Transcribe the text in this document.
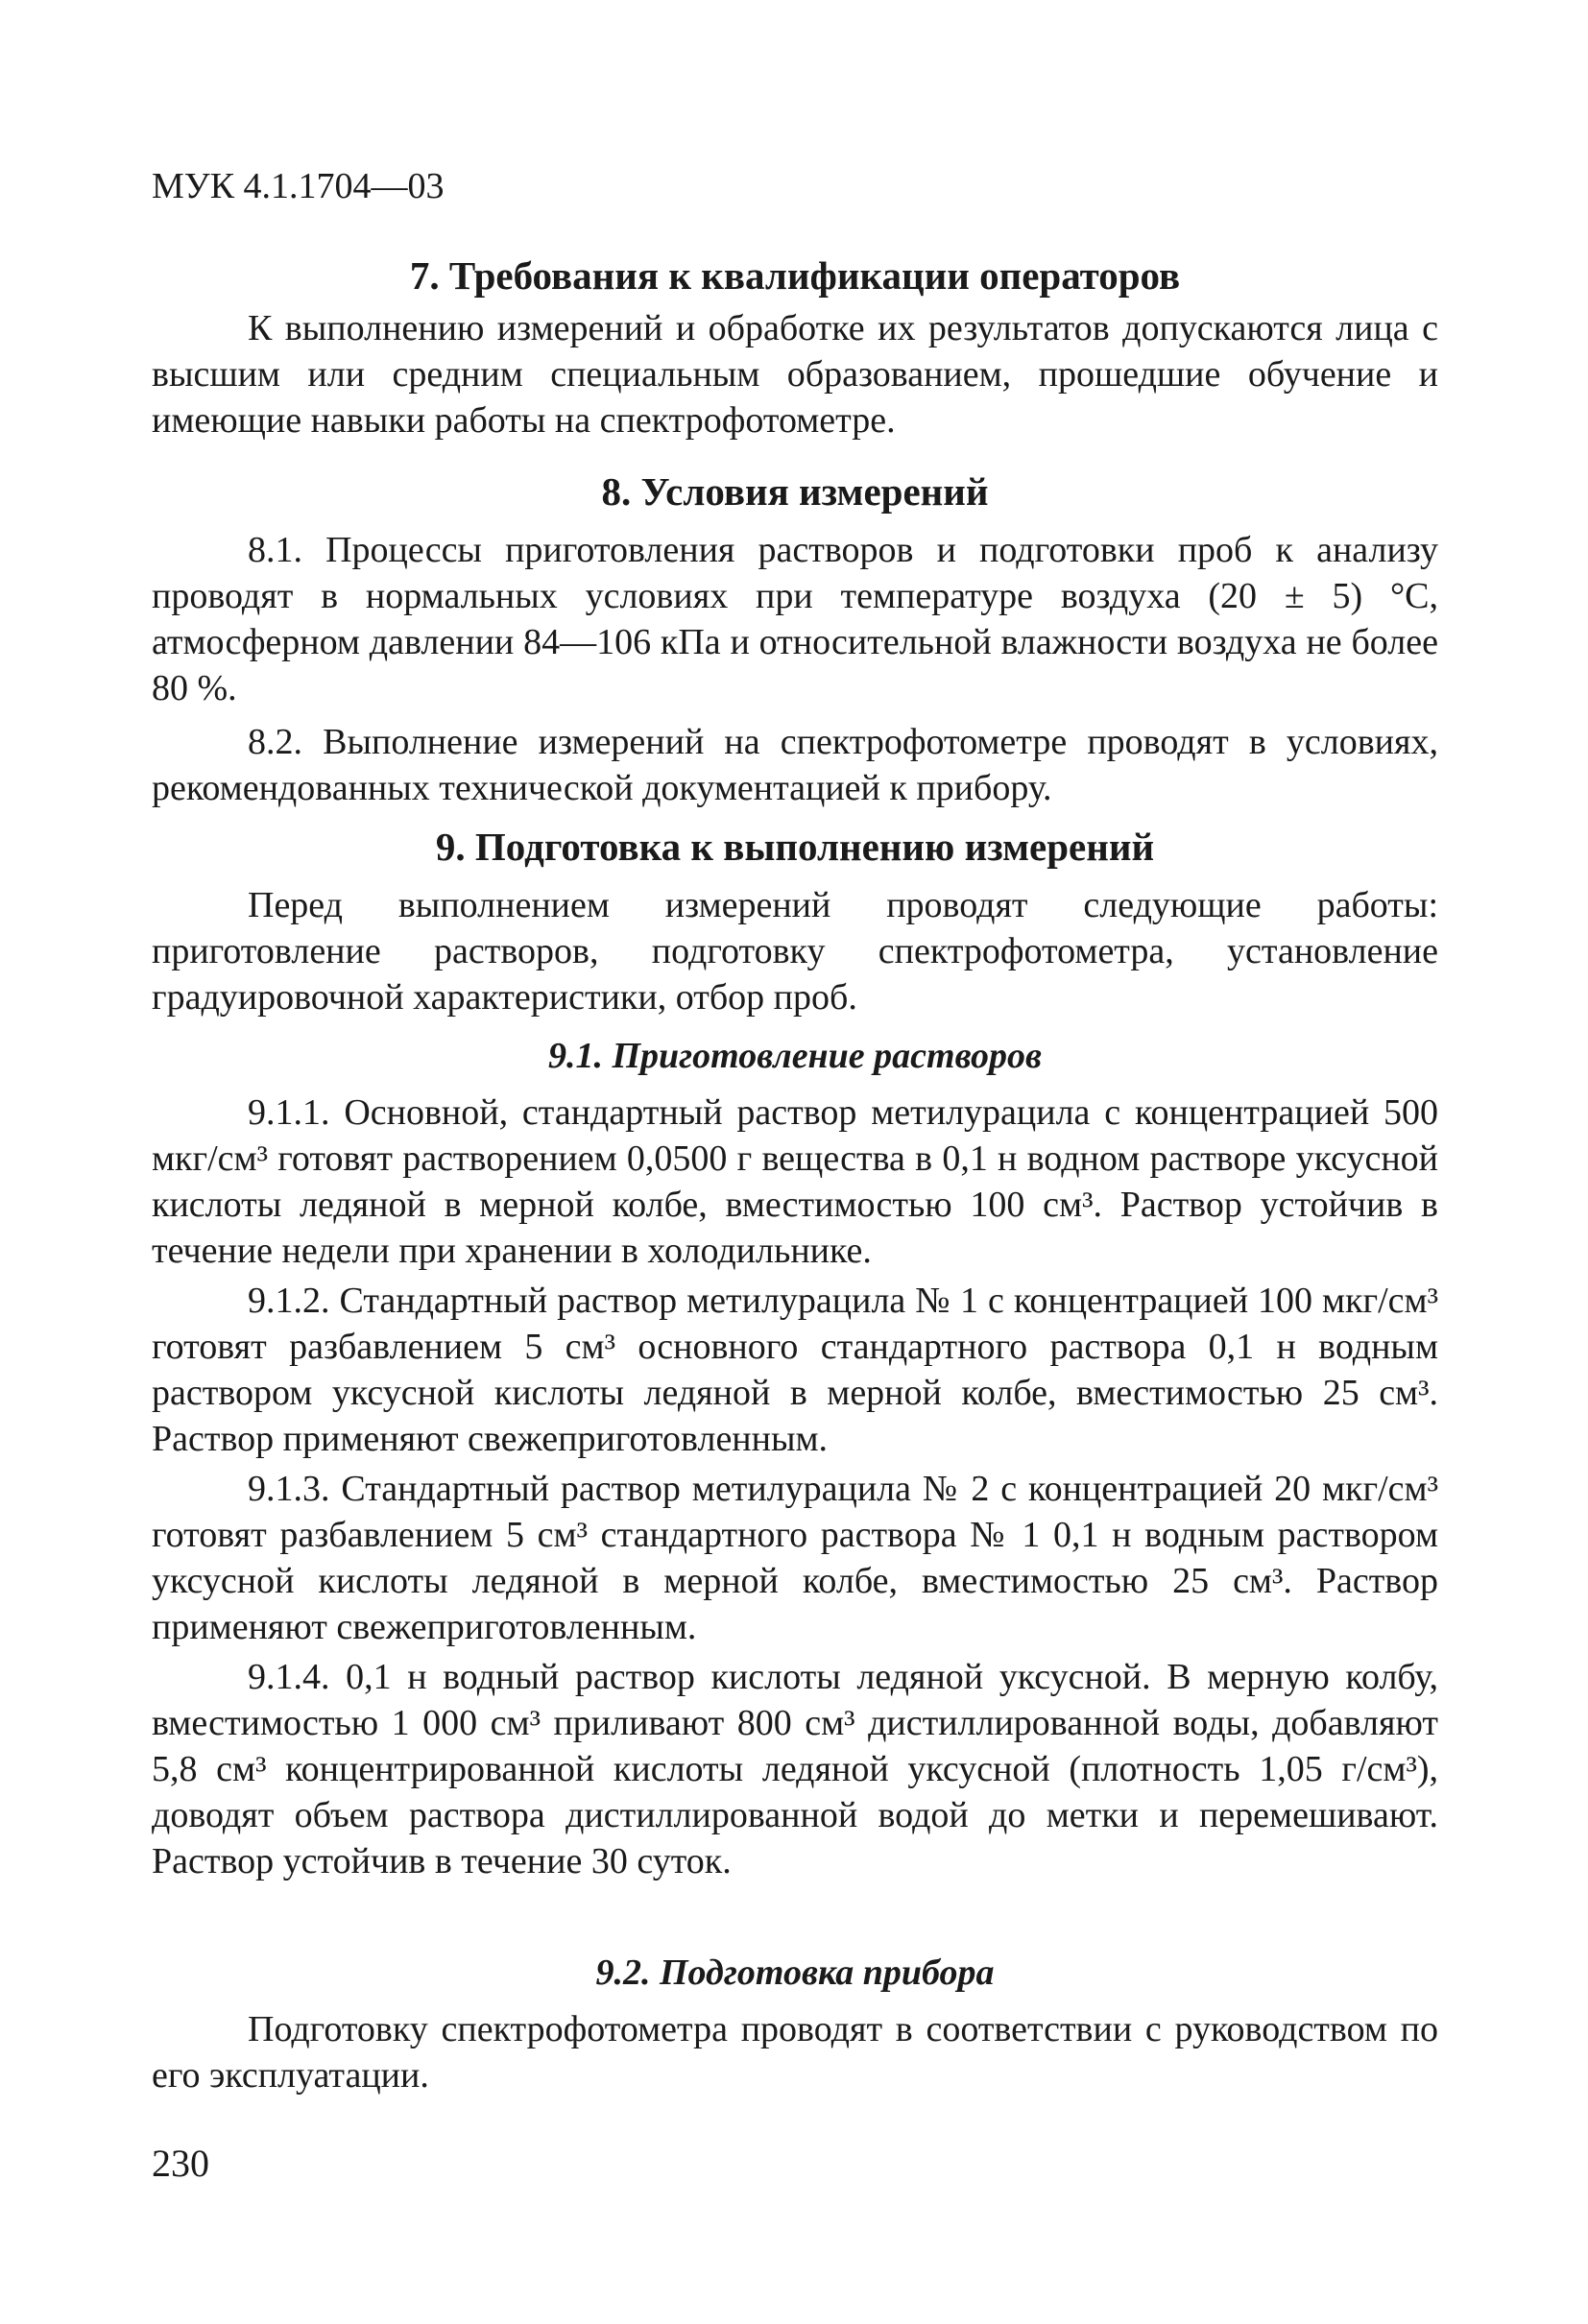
МУК 4.1.1704—03
7. Требования к квалификации операторов

К выполнению измерений и обработке их результатов допускаются лица с высшим или средним специальным образованием, прошедшие обучение и имеющие навыки работы на спектрофотометре.

8. Условия измерений

8.1. Процессы приготовления растворов и подготовки проб к анализу проводят в нормальных условиях при температуре воздуха (20 ± 5) °С, атмосферном давлении 84—106 кПа и относительной влажности воздуха не более 80 %.

8.2. Выполнение измерений на спектрофотометре проводят в условиях, рекомендованных технической документацией к прибору.

9. Подготовка к выполнению измерений

Перед выполнением измерений проводят следующие работы: приготовление растворов, подготовку спектрофотометра, установление градуировочной характеристики, отбор проб.

9.1. Приготовление растворов

9.1.1. Основной, стандартный раствор метилурацила с концентрацией 500 мкг/см³ готовят растворением 0,0500 г вещества в 0,1 н водном растворе уксусной кислоты ледяной в мерной колбе, вместимостью 100 см³. Раствор устойчив в течение недели при хранении в холодильнике.

9.1.2. Стандартный раствор метилурацила № 1 с концентрацией 100 мкг/см³ готовят разбавлением 5 см³ основного стандартного раствора 0,1 н водным раствором уксусной кислоты ледяной в мерной колбе, вместимостью 25 см³. Раствор применяют свежеприготовленным.

9.1.3. Стандартный раствор метилурацила № 2 с концентрацией 20 мкг/см³ готовят разбавлением 5 см³ стандартного раствора № 1 0,1 н водным раствором уксусной кислоты ледяной в мерной колбе, вместимостью 25 см³. Раствор применяют свежеприготовленным.

9.1.4. 0,1 н водный раствор кислоты ледяной уксусной. В мерную колбу, вместимостью 1 000 см³ приливают 800 см³ дистиллированной воды, добавляют 5,8 см³ концентрированной кислоты ледяной уксусной (плотность 1,05 г/см³), доводят объем раствора дистиллированной водой до метки и перемешивают. Раствор устойчив в течение 30 суток.

9.2. Подготовка прибора

Подготовку спектрофотометра проводят в соответствии с руководством по его эксплуатации.

230
